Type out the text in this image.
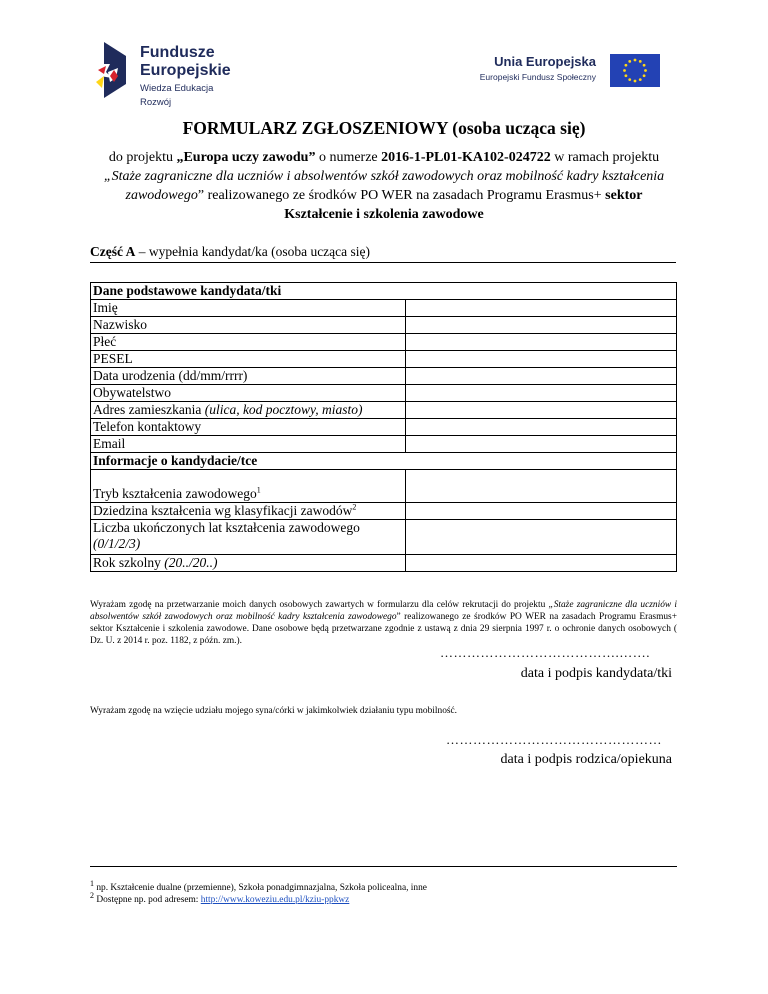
Fundusze
Europejskie
Wiedza Edukacja Rozwój
Unia Europejska
Europejski Fundusz Społeczny
FORMULARZ ZGŁOSZENIOWY (osoba ucząca się)
do projektu „Europa uczy zawodu” o numerze 2016-1-PL01-KA102-024722 w ramach projektu
„Staże zagraniczne dla uczniów i absolwentów szkół zawodowych oraz mobilność kadry kształcenia zawodowego” realizowanego ze środków PO WER na zasadach Programu Erasmus+ sektor Kształcenie i szkolenia zawodowe
Część A – wypełnia kandydat/ka (osoba ucząca się)
Dane podstawowe kandydata/tki	
Imię	
Nazwisko	
Płeć	
PESEL	
Data urodzenia (dd/mm/rrrr)	
Obywatelstwo	
Adres zamieszkania (ulica, kod pocztowy, miasto)	
Telefon kontaktowy	
Email	
Informacje o kandydacie/tce	
Tryb kształcenia zawodowego$^1$	
Dziedzina kształcenia wg klasyfikacji zawodów$^2$	
Liczba ukończonych lat kształcenia zawodowego
(0/1/2/3)	
Rok szkolny (20../20..)	
Wyrażam zgodę na przetwarzanie moich danych osobowych zawartych w formularzu dla celów rekrutacji do projektu „Staże zagraniczne dla uczniów i absolwentów szkół zawodowych oraz mobilność kadry kształcenia zawodowego” realizowanego ze środków PO WER na zasadach Programu Erasmus+ sektor Kształcenie i szkolenia zawodowe. Dane osobowe będą przetwarzane zgodnie z ustawą z dnia 29 sierpnia 1997 r. o ochronie danych osobowych ( Dz. U. z 2014 r. poz. 1182, z późn. zm.).
………………………………….…….
data i podpis kandydata/tki
Wyrażam zgodę na wzięcie udziału mojego syna/córki w jakimkolwiek działaniu typu mobilność.
…………………………………………
data i podpis rodzica/opiekuna
$^1$ np. Kształcenie dualne (przemienne), Szkoła ponadgimnazjalna, Szkoła policealna, inne
$^2$ Dostępne np. pod adresem: http://www.koweziu.edu.pl/kziu-ppkwz
